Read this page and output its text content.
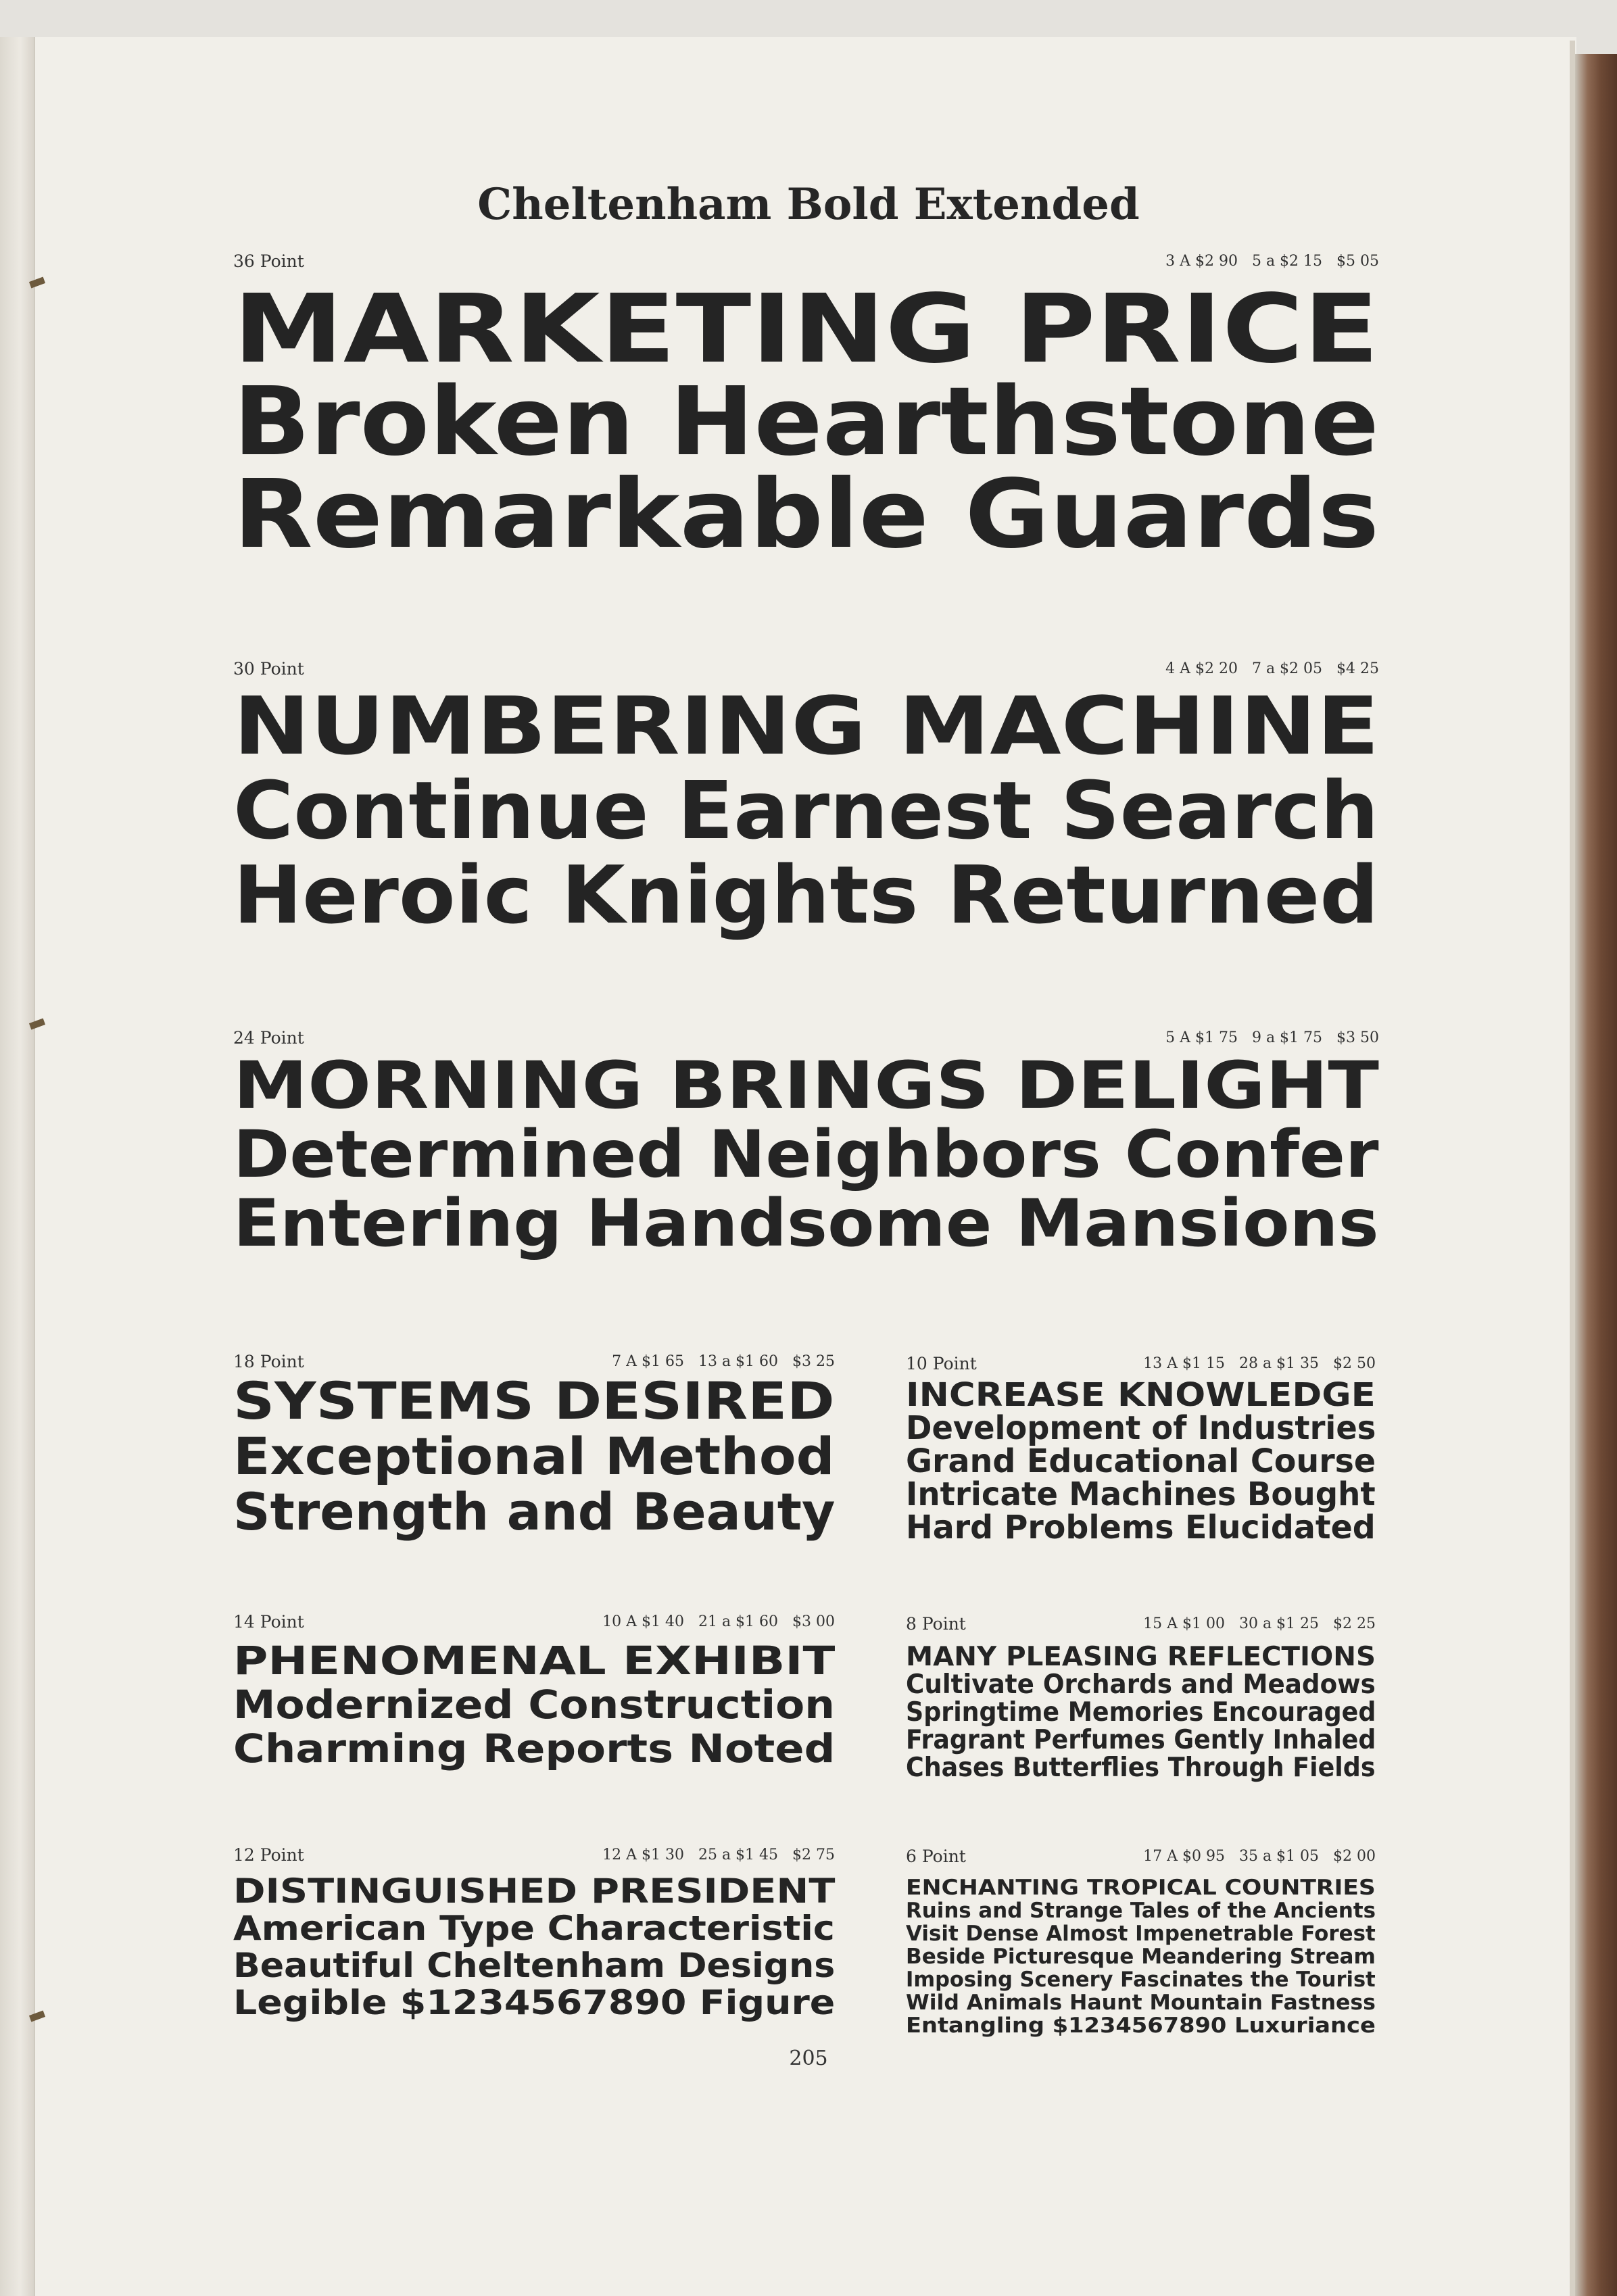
Cheltenham Bold Extended
36 Point	3 A $2 90   5 a $2 15   $5 05
MARKETING PRICE
Broken Hearthstone
Remarkable Guards
30 Point	4 A $2 20   7 a $2 05   $4 25
NUMBERING MACHINE
Continue Earnest Search
Heroic Knights Returned
24 Point	5 A $1 75   9 a $1 75   $3 50
MORNING BRINGS DELIGHT
Determined Neighbors Confer
Entering Handsome Mansions
18 Point	7 A $1 65   13 a $1 60   $3 25
SYSTEMS DESIRED
Exceptional Method
Strength and Beauty
10 Point	13 A $1 15   28 a $1 35   $2 50
INCREASE KNOWLEDGE
Development of Industries
Grand Educational Course
Intricate Machines Bought
Hard Problems Elucidated
14 Point	10 A $1 40   21 a $1 60   $3 00
PHENOMENAL EXHIBIT
Modernized Construction
Charming Reports Noted
8 Point	15 A $1 00   30 a $1 25   $2 25
MANY PLEASING REFLECTIONS
Cultivate Orchards and Meadows
Springtime Memories Encouraged
Fragrant Perfumes Gently Inhaled
Chases Butterflies Through Fields
12 Point	12 A $1 30   25 a $1 45   $2 75
DISTINGUISHED PRESIDENT
American Type Characteristic
Beautiful Cheltenham Designs
Legible $1234567890 Figure
6 Point	17 A $0 95   35 a $1 05   $2 00
ENCHANTING TROPICAL COUNTRIES
Ruins and Strange Tales of the Ancients
Visit Dense Almost Impenetrable Forest
Beside Picturesque Meandering Stream
Imposing Scenery Fascinates the Tourist
Wild Animals Haunt Mountain Fastness
Entangling $1234567890 Luxuriance
205
